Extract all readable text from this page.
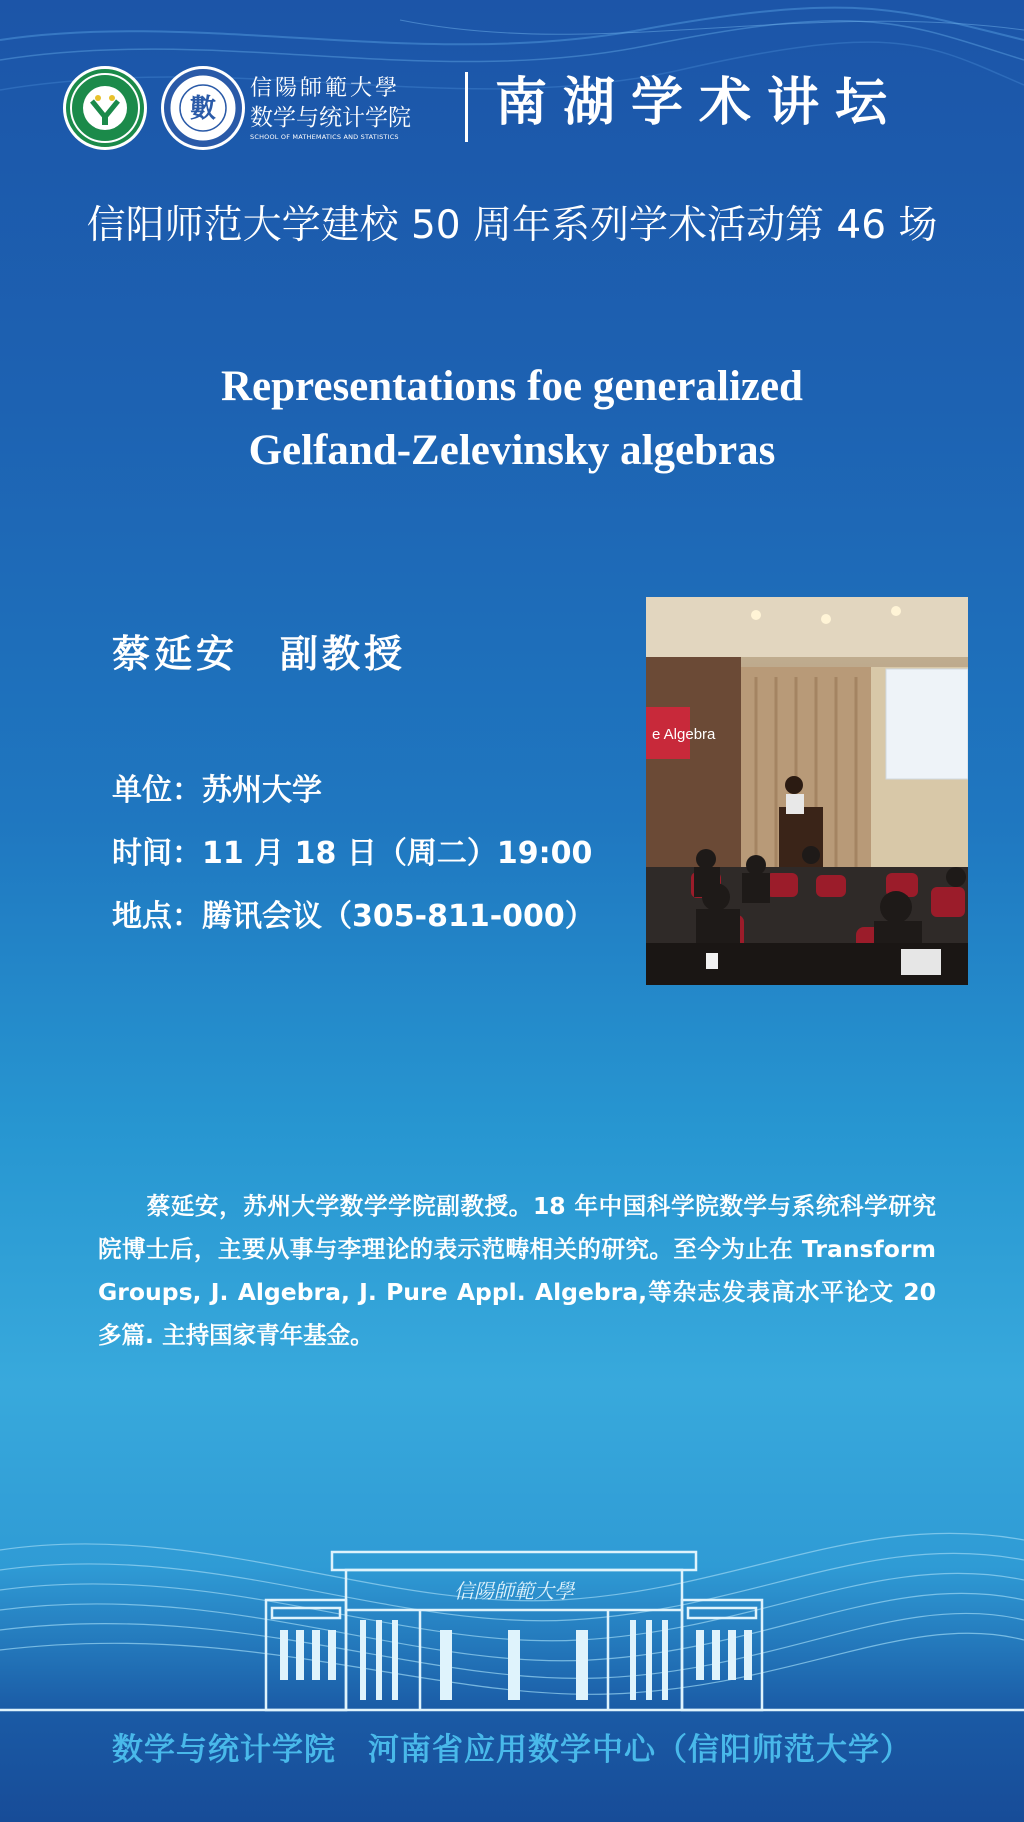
數
信陽師範大學
数学与统计学院
SCHOOL OF MATHEMATICS AND STATISTICS
南湖学术讲坛
信阳师范大学建校 50 周年系列学术活动第 46 场
Representations foe generalized
Gelfand-Zelevinsky algebras
蔡延安　副教授
单位：苏州大学
时间：11 月 18 日（周二）19:00
地点：腾讯会议（305-811-000）
e Algebra
蔡延安，苏州大学数学学院副教授。18 年中国科学院数学与系统科学研究院博士后，主要从事与李理论的表示范畴相关的研究。至今为止在 Transform Groups, J. Algebra, J. Pure Appl. Algebra,等杂志发表高水平论文 20 多篇. 主持国家青年基金。
信陽師範大學
数学与统计学院　河南省应用数学中心（信阳师范大学）
